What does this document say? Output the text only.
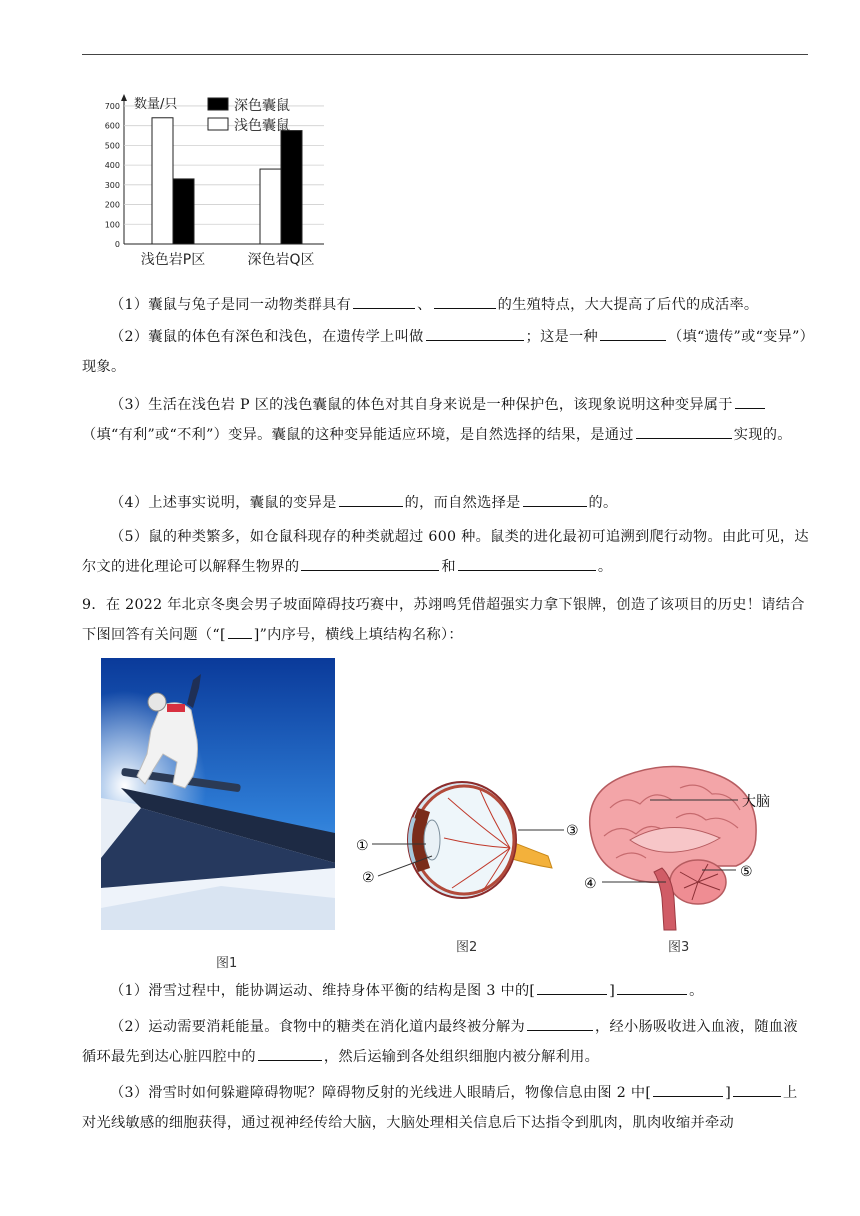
0
100
200
300
400
500
600
700 数量/只
浅色岩P区	深色岩Q区
深色囊鼠
浅色囊鼠
（1）囊鼠与兔子是同一动物类群具有	、	的生殖特点，大大提高了后代的成活率。
（2）囊鼠的体色有深色和浅色，在遗传学上叫做	；这是一种	（填“遗传”或“变异”）现象。
（3）生活在浅色岩 P 区的浅色囊鼠的体色对其自身来说是一种保护色，该现象说明这种变异属于（填“有利”或“不利”）变异。囊鼠的这种变异能适应环境，是自然选择的结果，是通过	实现的。
（4）上述事实说明，囊鼠的变异是	的，而自然选择是	的。
（5）鼠的种类繁多，如仓鼠科现存的种类就超过 600 种。鼠类的进化最初可追溯到爬行动物。由此可见，达尔文的进化理论可以解释生物界的	和	。
9．在 2022 年北京冬奥会男子坡面障碍技巧赛中，苏翊鸣凭借超强实力拿下银牌，创造了该项目的历史！请结合下图回答有关问题（“[ ]”内序号，横线上填结构名称）：
图1
①
②
③
图2
大脑
④
⑤
图3
（1）滑雪过程中，能协调运动、维持身体平衡的结构是图 3 中的[	]	。
（2）运动需要消耗能量。食物中的糖类在消化道内最终被分解为	，经小肠吸收进入血液，随血液循环最先到达心脏四腔中的	，然后运输到各处组织细胞内被分解利用。
（3）滑雪时如何躲避障碍物呢？障碍物反射的光线进人眼睛后，物像信息由图 2 中[	]	上对光线敏感的细胞获得，通过视神经传给大脑，大脑处理相关信息后下达指令到肌肉，肌肉收缩并牵动
